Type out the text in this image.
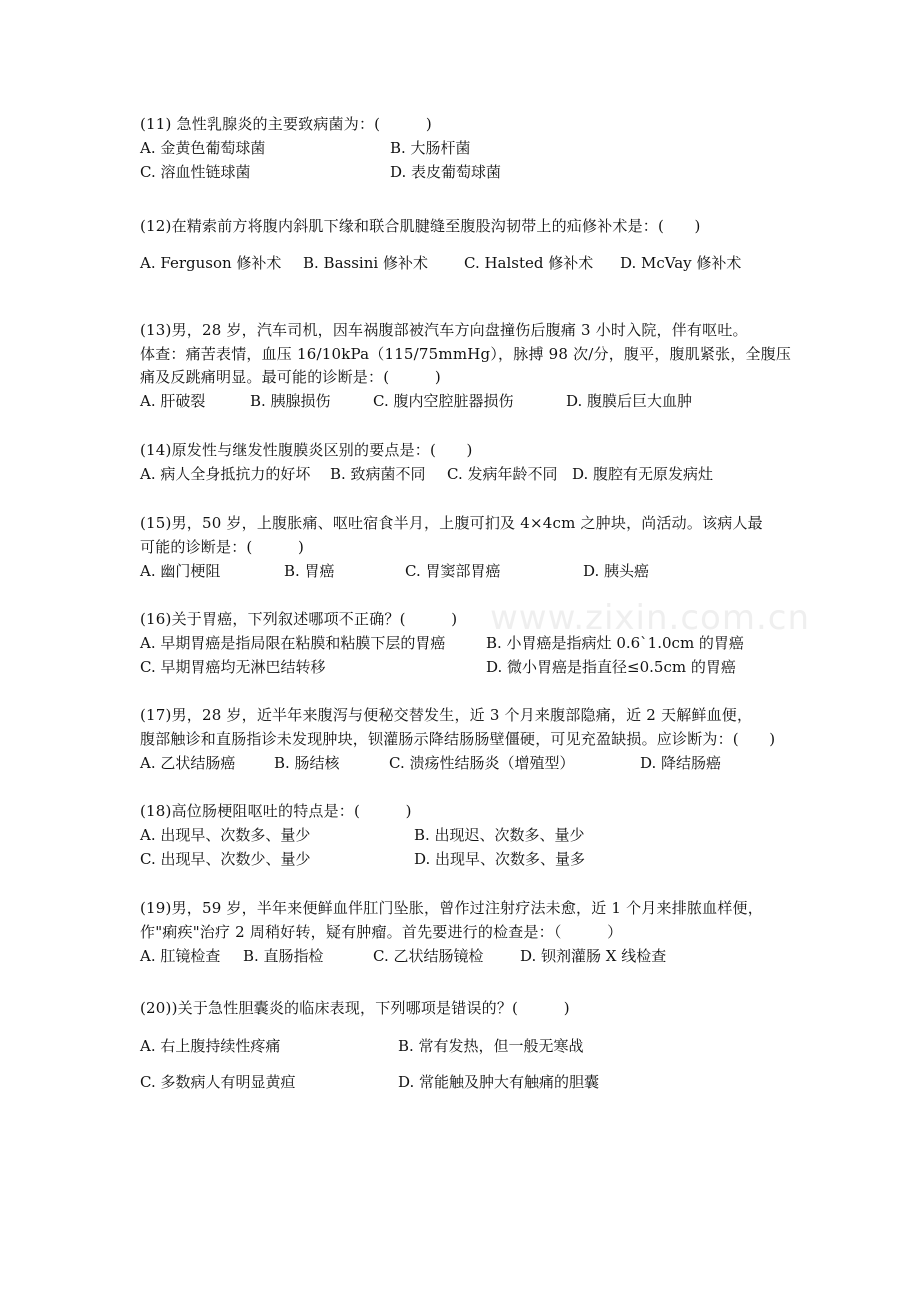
www.zixin.com.cn
(11) 急性乳腺炎的主要致病菌为：(　　　)
A. 金黄色葡萄球菌	B. 大肠杆菌
C. 溶血性链球菌	D. 表皮葡萄球菌
(12)在精索前方将腹内斜肌下缘和联合肌腱缝至腹股沟韧带上的疝修补术是：(　　)
A. Ferguson 修补术 B. Bassini 修补术 C. Halsted 修补术 D. McVay 修补术
(13)男，28 岁，汽车司机，因车祸腹部被汽车方向盘撞伤后腹痛 3 小时入院，伴有呕吐。
体查：痛苦表情，血压 16/10kPa（115/75mmHg），脉搏 98 次/分，腹平，腹肌紧张，全腹压
痛及反跳痛明显。最可能的诊断是：(　　　)
A. 肝破裂	B. 胰腺损伤	C. 腹内空腔脏器损伤	D. 腹膜后巨大血肿
(14)原发性与继发性腹膜炎区别的要点是：(　　)
A. 病人全身抵抗力的好坏 B. 致病菌不同 C. 发病年龄不同 D. 腹腔有无原发病灶
(15)男，50 岁，上腹胀痛、呕吐宿食半月，上腹可扪及 4×4cm 之肿块，尚活动。该病人最
可能的诊断是：(　　　)
A. 幽门梗阻	B. 胃癌	C. 胃窦部胃癌	D. 胰头癌
(16)关于胃癌，下列叙述哪项不正确？(　　　)
A. 早期胃癌是指局限在粘膜和粘膜下层的胃癌	B. 小胃癌是指病灶 0.6`1.0cm 的胃癌
C. 早期胃癌均无淋巴结转移	D. 微小胃癌是指直径≤0.5cm 的胃癌
(17)男，28 岁，近半年来腹泻与便秘交替发生，近 3 个月来腹部隐痛，近 2 天解鲜血便，
腹部触诊和直肠指诊未发现肿块，钡灌肠示降结肠肠壁僵硬，可见充盈缺损。应诊断为：(　　)
A. 乙状结肠癌	B. 肠结核	C. 溃疡性结肠炎（增殖型）	D. 降结肠癌
(18)高位肠梗阻呕吐的特点是：(　　　)
A. 出现早、次数多、量少	B. 出现迟、次数多、量少
C. 出现早、次数少、量少	D. 出现早、次数多、量多
(19)男，59 岁，半年来便鲜血伴肛门坠胀，曾作过注射疗法未愈，近 1 个月来排脓血样便，
作"痢疾"治疗 2 周稍好转，疑有肿瘤。首先要进行的检查是：（　　　）
A. 肛镜检查 B. 直肠指检	C. 乙状结肠镜检 D. 钡剂灌肠 X 线检查
(20))关于急性胆囊炎的临床表现，下列哪项是错误的？(　　　)
A. 右上腹持续性疼痛	B. 常有发热，但一般无寒战
C. 多数病人有明显黄疸	D. 常能触及肿大有触痛的胆囊
